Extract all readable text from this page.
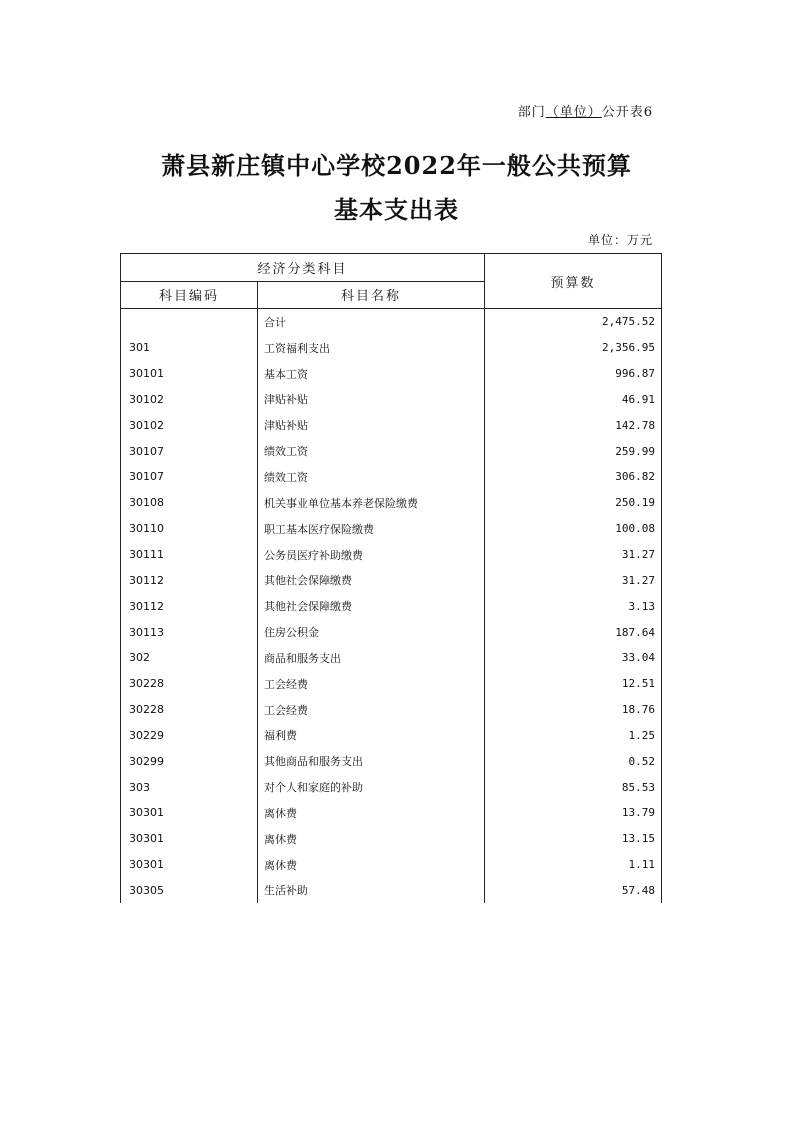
部门（单位）公开表6
萧县新庄镇中心学校2022年一般公共预算
基本支出表
单位：万元
经济分类科目		预算数
科目编码	科目名称	
	合计	2,475.52
301	工资福利支出	2,356.95
30101	基本工资	996.87
30102	津贴补贴	46.91
30102	津贴补贴	142.78
30107	绩效工资	259.99
30107	绩效工资	306.82
30108	机关事业单位基本养老保险缴费	250.19
30110	职工基本医疗保险缴费	100.08
30111	公务员医疗补助缴费	31.27
30112	其他社会保障缴费	31.27
30112	其他社会保障缴费	3.13
30113	住房公积金	187.64
302	商品和服务支出	33.04
30228	工会经费	12.51
30228	工会经费	18.76
30229	福利费	1.25
30299	其他商品和服务支出	0.52
303	对个人和家庭的补助	85.53
30301	离休费	13.79
30301	离休费	13.15
30301	离休费	1.11
30305	生活补助	57.48
